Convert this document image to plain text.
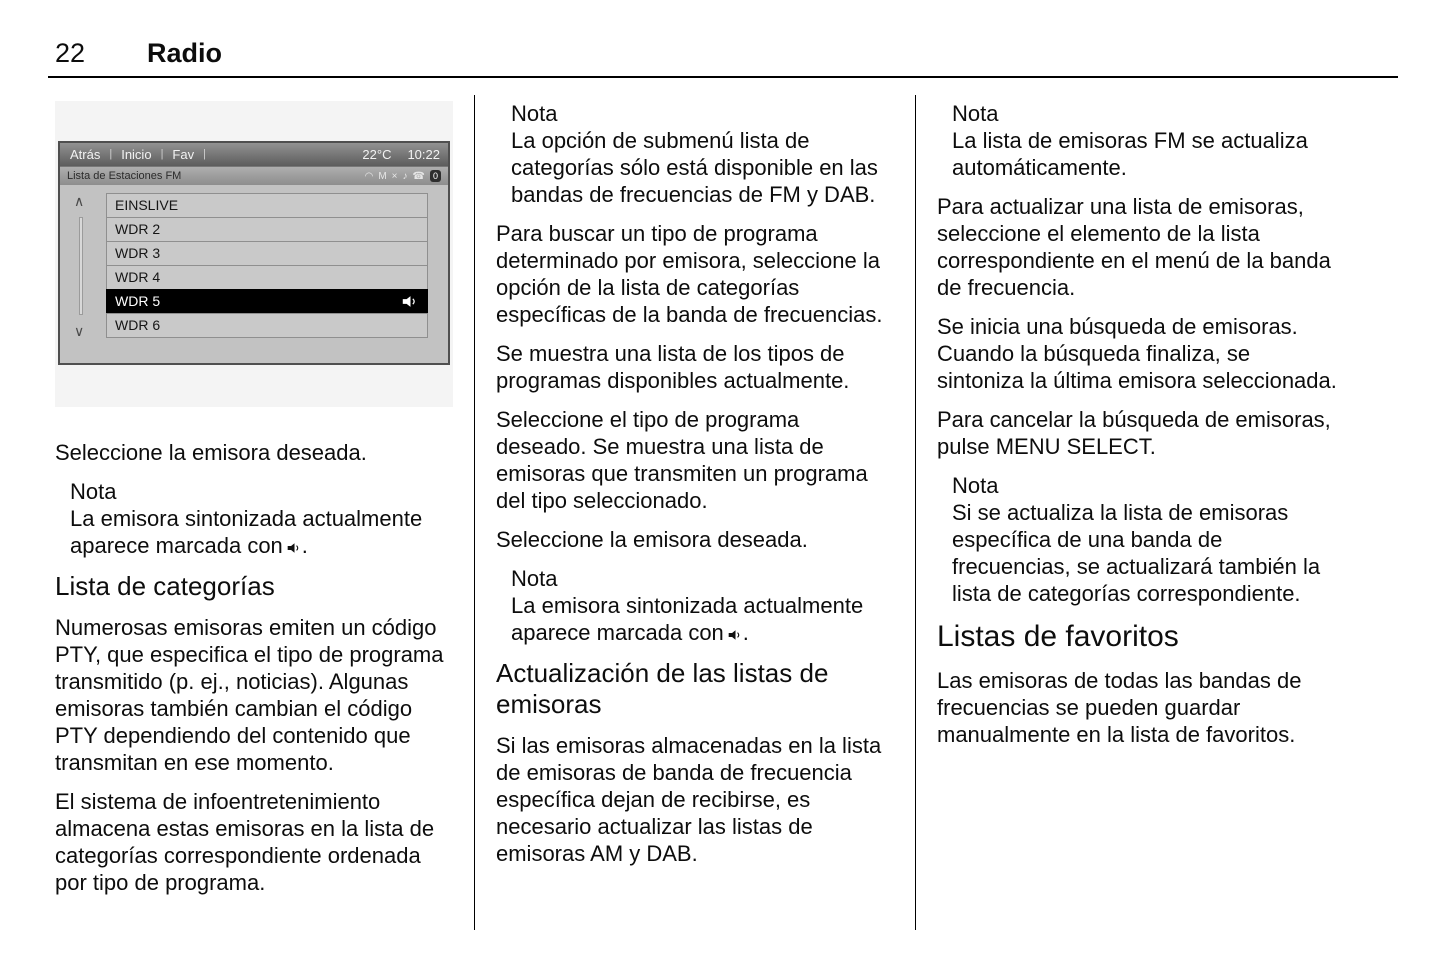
22 Radio
Atrás | Inicio | Fav |	22°C 10:22
Lista de Estaciones FM	◠ M × ♪ ☎ 0
∧
∨
EINSLIVE
WDR 2
WDR 3
WDR 4
WDR 5
WDR 6

Seleccione la emisora deseada.

Nota
La emisora sintonizada actualmente aparece marcada con .
Lista de categorías

Numerosas emisoras emiten un código PTY, que especifica el tipo de programa transmitido (p. ej., noticias). Algunas emisoras también cambian el código PTY dependiendo del contenido que transmitan en ese momento.

El sistema de infoentretenimiento almacena estas emisoras en la lista de categorías correspondiente ordenada por tipo de programa.

Nota
La opción de submenú lista de categorías sólo está disponible en las bandas de frecuencias de FM y DAB.

Para buscar un tipo de programa determinado por emisora, seleccione la opción de la lista de categorías específicas de la banda de frecuencias.

Se muestra una lista de los tipos de programas disponibles actualmente.

Seleccione el tipo de programa deseado. Se muestra una lista de emisoras que transmiten un programa del tipo seleccionado.

Seleccione la emisora deseada.

Nota
La emisora sintonizada actualmente aparece marcada con .
Actualización de las listas de emisoras

Si las emisoras almacenadas en la lista de emisoras de banda de frecuencia específica dejan de recibirse, es necesario actualizar las listas de emisoras AM y DAB.

Nota
La lista de emisoras FM se actualiza automáticamente.

Para actualizar una lista de emisoras, seleccione el elemento de la lista correspondiente en el menú de la banda de frecuencia.

Se inicia una búsqueda de emisoras. Cuando la búsqueda finaliza, se sintoniza la última emisora seleccionada.

Para cancelar la búsqueda de emisoras, pulse MENU SELECT.

Nota
Si se actualiza la lista de emisoras específica de una banda de frecuencias, se actualizará también la lista de categorías correspondiente.
Listas de favoritos

Las emisoras de todas las bandas de frecuencias se pueden guardar manualmente en la lista de favoritos.
